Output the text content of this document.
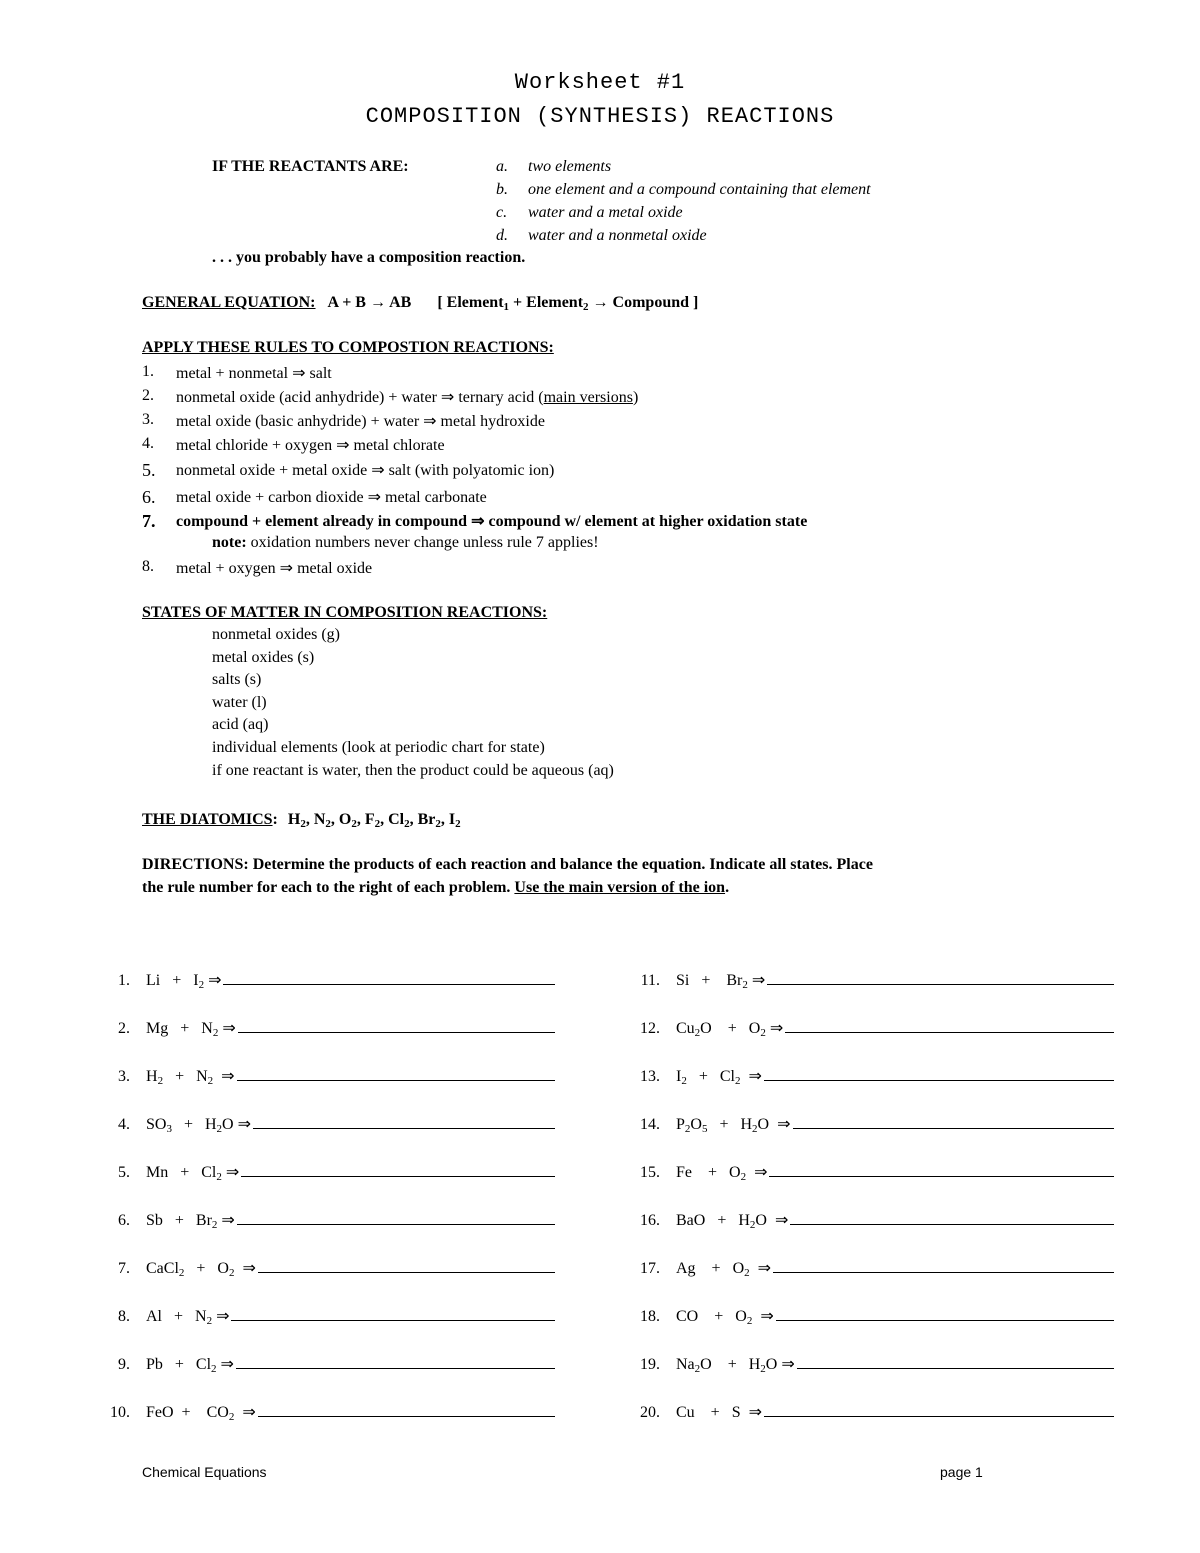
Worksheet #1
COMPOSITION (SYNTHESIS) REACTIONS
IF THE REACTANTS ARE:	a. two elements
b. one element and a compound containing that element
c. water and a metal oxide
d. water and a nonmetal oxide
. . . you probably have a composition reaction.
GENERAL EQUATION: A + B → AB [ Element$_1$ + Element$_2$ → Compound ]
APPLY THESE RULES TO COMPOSTION REACTIONS:
1. metal + nonmetal ⇒ salt
2. nonmetal oxide (acid anhydride) + water ⇒ ternary acid (main versions)
3. metal oxide (basic anhydride) + water ⇒ metal hydroxide
4. metal chloride + oxygen ⇒ metal chlorate
5. nonmetal oxide + metal oxide ⇒ salt (with polyatomic ion)
6. metal oxide + carbon dioxide ⇒ metal carbonate
7. compound + element already in compound ⇒ compound w/ element at higher oxidation state
note: oxidation numbers never change unless rule 7 applies!
8. metal + oxygen ⇒ metal oxide
STATES OF MATTER IN COMPOSITION REACTIONS:
nonmetal oxides (g)
metal oxides (s)
salts (s)
water (l)
acid (aq)
individual elements (look at periodic chart for state)
if one reactant is water, then the product could be aqueous (aq)
THE DIATOMICS: $H_2$, $N_2$, $O_2$, $F_2$, $Cl_2$, $Br_2$, $I_2$
DIRECTIONS: Determine the products of each reaction and balance the equation. Indicate all states. Place
the rule number for each to the right of each problem. Use the main version of the ion.
1. $Li + I_2$ ⇒
2. $Mg + N_2$ ⇒
3. $H_2 + N_2$  ⇒
4. $SO_3 + H_2O$ ⇒
5. $Mn + Cl_2$ ⇒
6. $Sb + Br_2$ ⇒
7. CaCl$_2$   +   $O_2$  ⇒
8. $Al + N_2$ ⇒
9. $Pb + Cl_2$ ⇒
10. FeO  +    $CO_2$  ⇒
11. Si   +    $Br_2$ ⇒
12. $Cu_2O$    +   $O_2$ ⇒
13. $I_2 + Cl_2$  ⇒
14. $P_2O_5 + H_2O$  ⇒
15. Fe    +   $O_2$  ⇒
16. BaO   +   $H_2O$  ⇒
17. Ag    +   $O_2$  ⇒
18. CO    +   $O_2$  ⇒
19. $Na_2O$    +   $H_2O$ ⇒
20. Cu    +   S  ⇒
Chemical Equations	page 1
